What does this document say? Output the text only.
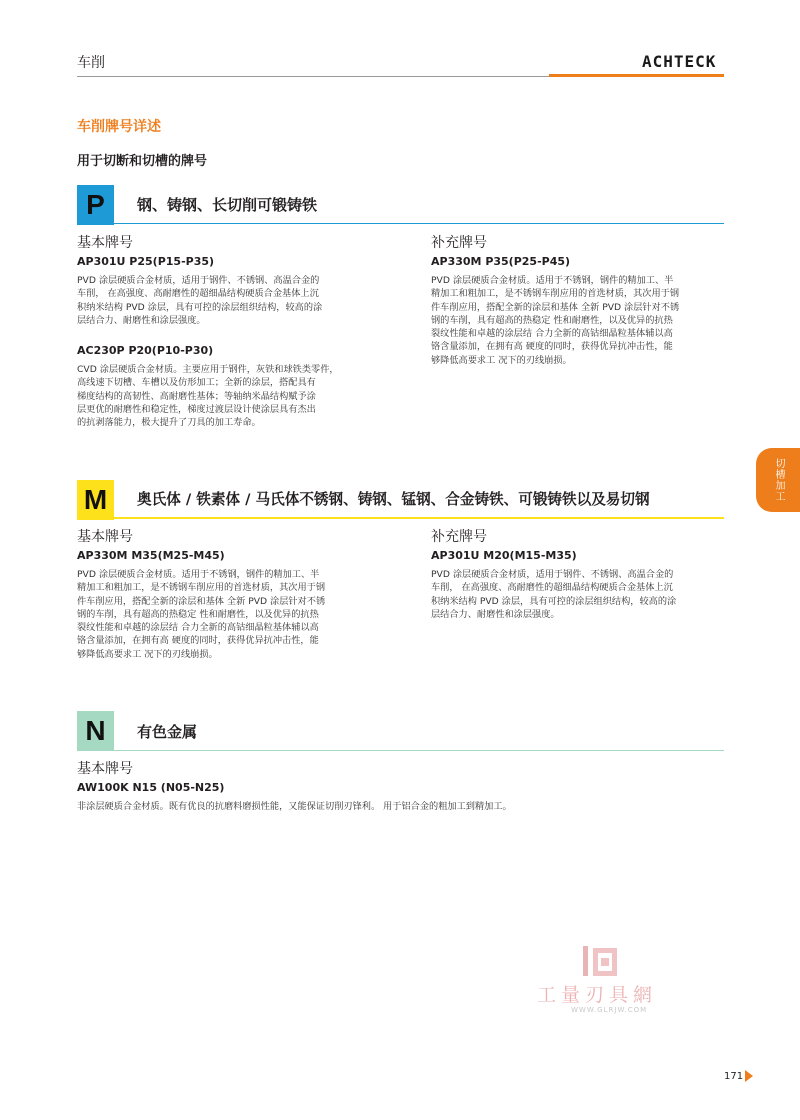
车削	ACHTECK
车削牌号详述
用于切断和切槽的牌号
P	钢、铸钢、长切削可锻铸铁
基本牌号	补充牌号
AP301U P25(P15-P35)
PVD 涂层硬质合金材质，适用于钢件、不锈钢、高温合金的
车削， 在高强度、高耐磨性的超细晶结构硬质合金基体上沉
积纳米结构 PVD 涂层，具有可控的涂层组织结构，较高的涂
层结合力、耐磨性和涂层强度。
AC230P P20(P10-P30)
CVD 涂层硬质合金材质。主要应用于钢件，灰铁和球铁类零件，
高线速下切槽、车槽以及仿形加工；全新的涂层，搭配具有
梯度结构的高韧性、高耐磨性基体；等轴纳米晶结构赋予涂
层更优的耐磨性和稳定性，梯度过渡层设计使涂层具有杰出
的抗剥落能力，极大提升了刀具的加工寿命。
AP330M P35(P25-P45)
PVD 涂层硬质合金材质。适用于不锈钢，钢件的精加工、半
精加工和粗加工，是不锈钢车削应用的首选材质，其次用于钢
件车削应用，搭配全新的涂层和基体 全新 PVD 涂层针对不锈
钢的车削，具有超高的热稳定 性和耐磨性，以及优异的抗热
裂纹性能和卓越的涂层结 合力全新的高钴细晶粒基体辅以高
铬含量添加，在拥有高 硬度的同时，获得优异抗冲击性，能
够降低高要求工 况下的刃线崩损。
切槽加工
M	奥氏体 / 铁素体 / 马氏体不锈钢、铸钢、锰钢、合金铸铁、可锻铸铁以及易切钢
基本牌号	补充牌号
AP330M M35(M25-M45)
PVD 涂层硬质合金材质。适用于不锈钢，钢件的精加工、半
精加工和粗加工，是不锈钢车削应用的首选材质，其次用于钢
件车削应用，搭配全新的涂层和基体 全新 PVD 涂层针对不锈
钢的车削，具有超高的热稳定 性和耐磨性，以及优异的抗热
裂纹性能和卓越的涂层结 合力全新的高钴细晶粒基体辅以高
铬含量添加，在拥有高 硬度的同时，获得优异抗冲击性，能
够降低高要求工 况下的刃线崩损。
AP301U M20(M15-M35)
PVD 涂层硬质合金材质，适用于钢件、不锈钢、高温合金的
车削， 在高强度、高耐磨性的超细晶结构硬质合金基体上沉
积纳米结构 PVD 涂层，具有可控的涂层组织结构，较高的涂
层结合力、耐磨性和涂层强度。
N	有色金属
基本牌号
AW100K N15 (N05-N25)
非涂层硬质合金材质。既有优良的抗磨料磨损性能，又能保证切削刃锋利。 用于铝合金的粗加工到精加工。
工量刃具網
WWW.GLRJW.COM
171
